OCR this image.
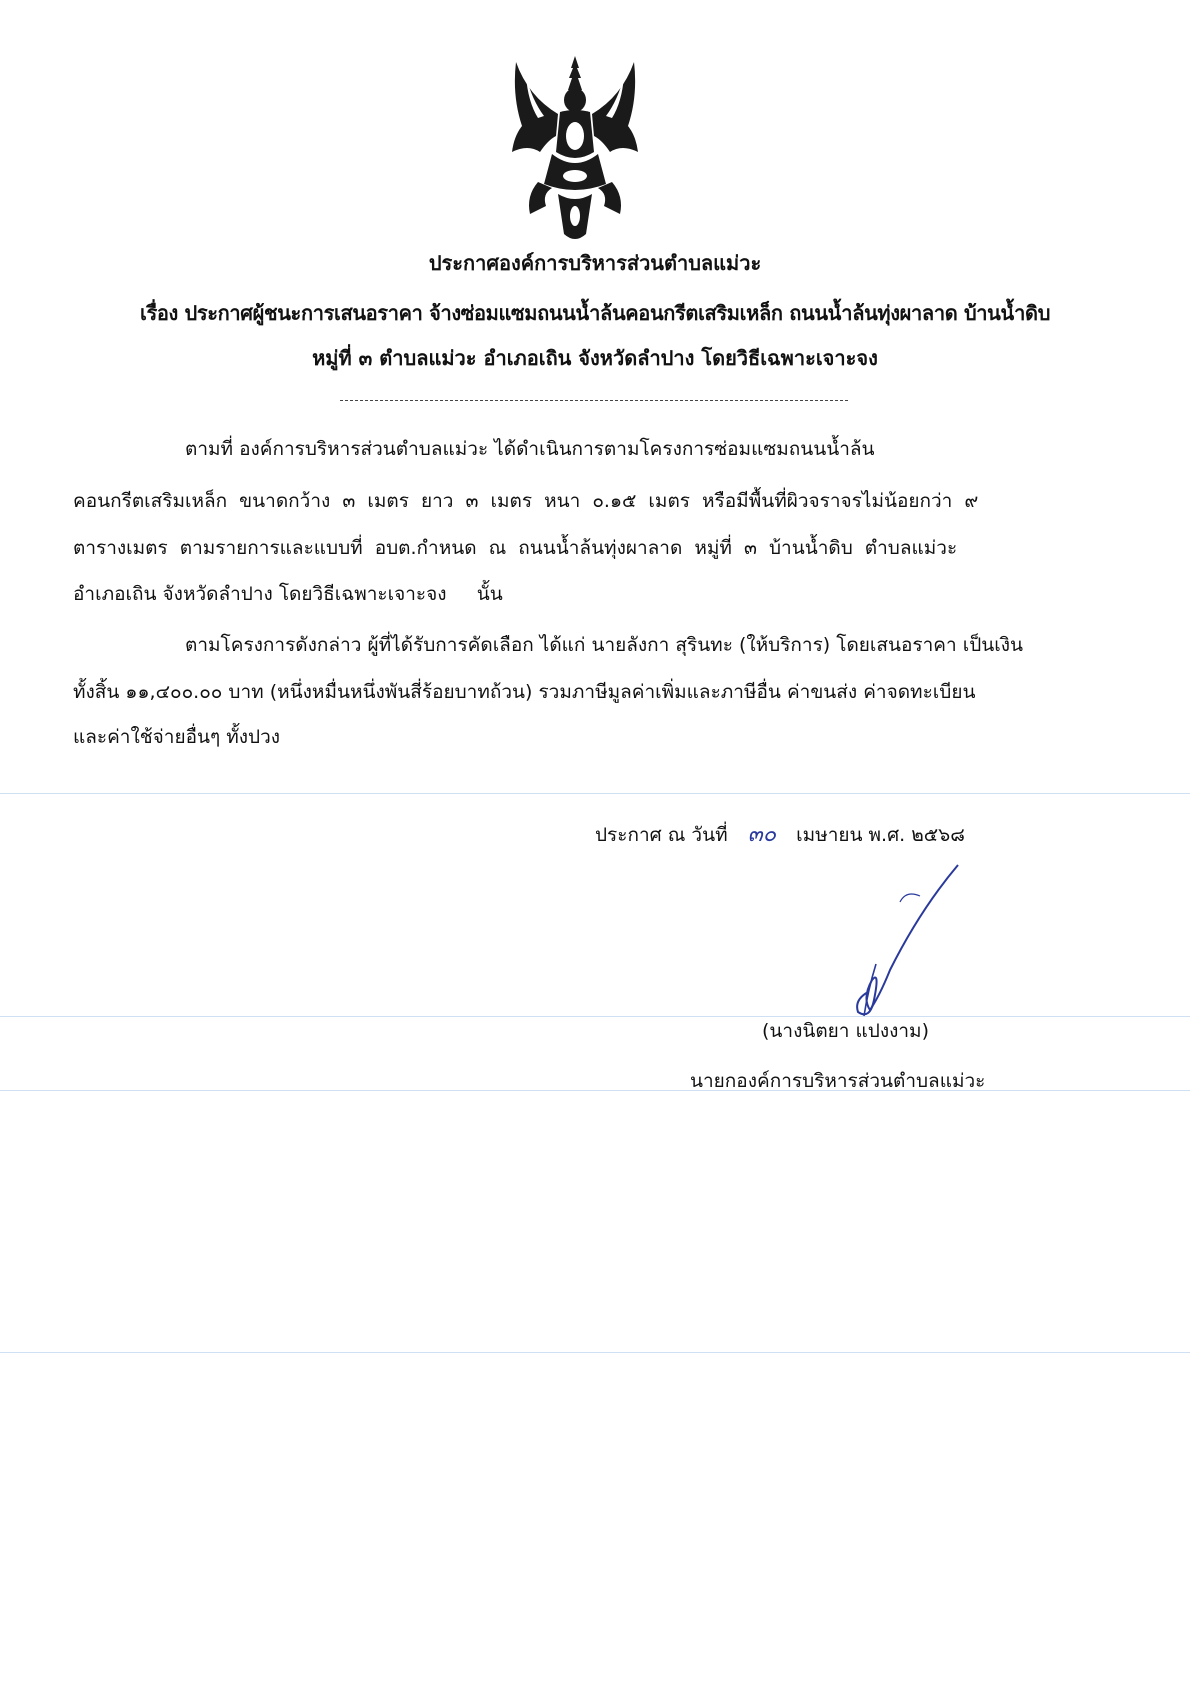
ประกาศองค์การบริหารส่วนตำบลแม่วะ
เรื่อง ประกาศผู้ชนะการเสนอราคา จ้างซ่อมแซมถนนน้ำล้นคอนกรีตเสริมเหล็ก ถนนน้ำล้นทุ่งผาลาด บ้านน้ำดิบ
หมู่ที่ ๓ ตำบลแม่วะ อำเภอเถิน จังหวัดลำปาง โดยวิธีเฉพาะเจาะจง
ตามที่ องค์การบริหารส่วนตำบลแม่วะ ได้ดำเนินการตามโครงการซ่อมแซมถนนน้ำล้น
คอนกรีตเสริมเหล็ก ขนาดกว้าง ๓ เมตร ยาว ๓ เมตร หนา ๐.๑๕ เมตร หรือมีพื้นที่ผิวจราจรไม่น้อยกว่า ๙
ตารางเมตร ตามรายการและแบบที่ อบต.กำหนด ณ ถนนน้ำล้นทุ่งผาลาด หมู่ที่ ๓ บ้านน้ำดิบ ตำบลแม่วะ
อำเภอเถิน จังหวัดลำปาง โดยวิธีเฉพาะเจาะจง     นั้น
ตามโครงการดังกล่าว ผู้ที่ได้รับการคัดเลือก ได้แก่ นายลังกา สุรินทะ (ให้บริการ) โดยเสนอราคา เป็นเงิน
ทั้งสิ้น ๑๑,๔๐๐.๐๐ บาท (หนึ่งหมื่นหนึ่งพันสี่ร้อยบาทถ้วน) รวมภาษีมูลค่าเพิ่มและภาษีอื่น ค่าขนส่ง ค่าจดทะเบียน
และค่าใช้จ่ายอื่นๆ ทั้งปวง
ประกาศ ณ วันที่ ๓๐ เมษายน พ.ศ. ๒๕๖๘
(นางนิตยา แปงงาม)
นายกองค์การบริหารส่วนตำบลแม่วะ
